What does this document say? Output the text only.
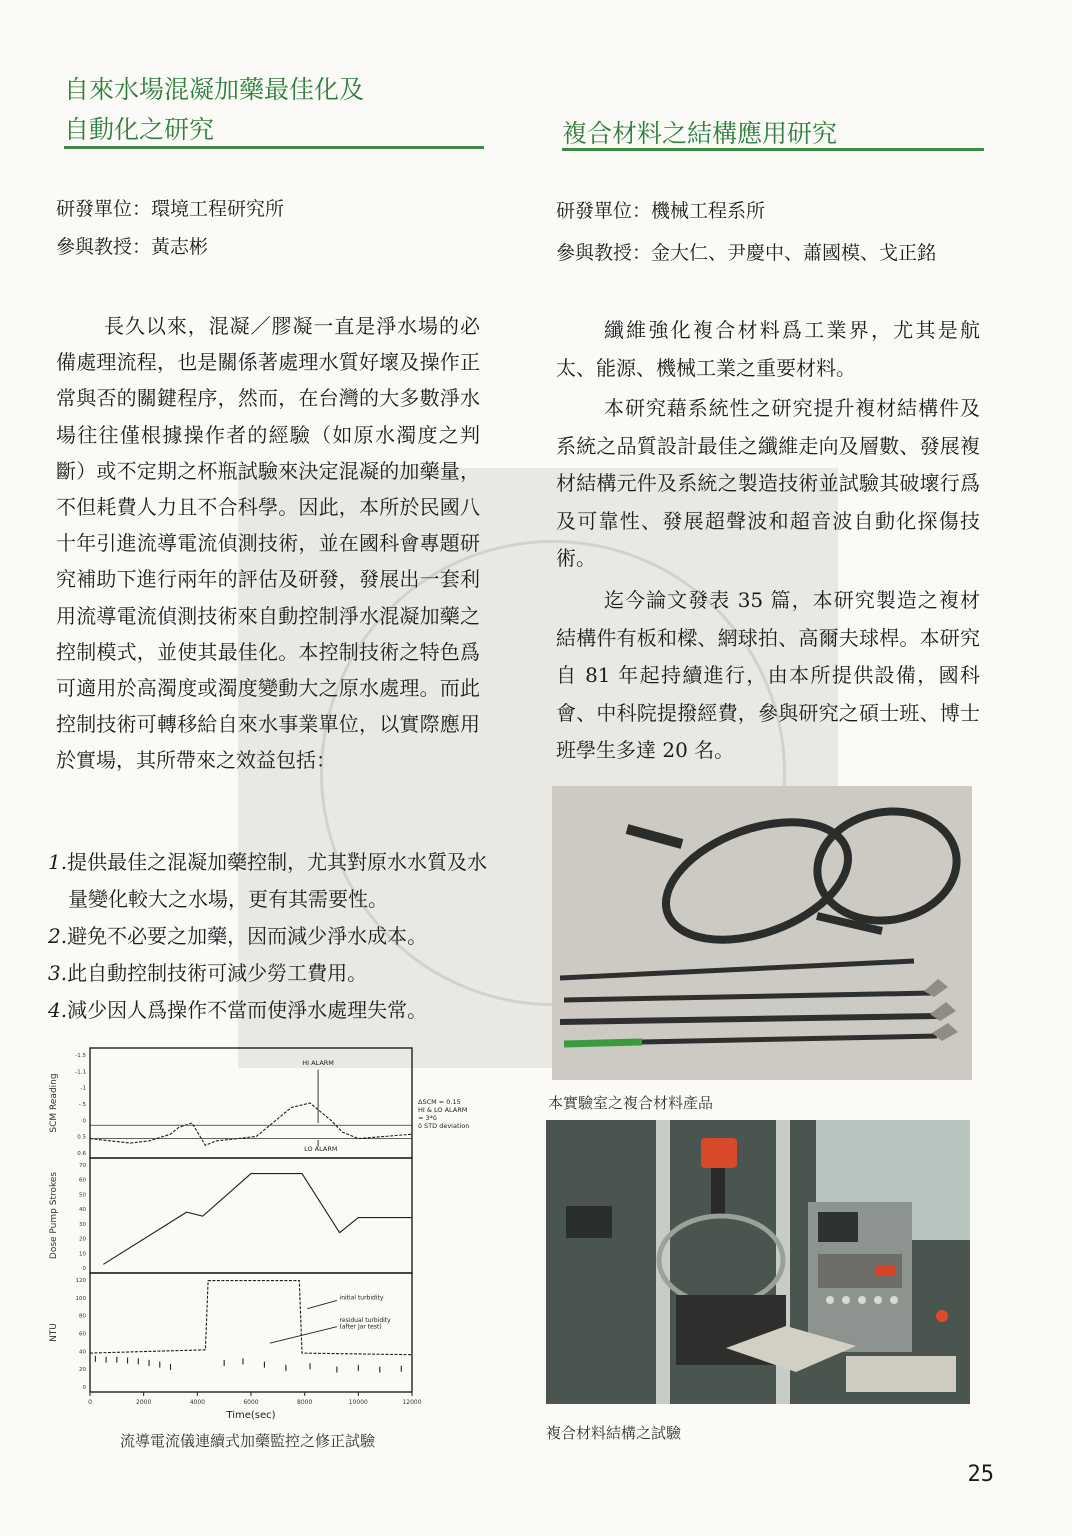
自來水場混凝加藥最佳化及
自動化之研究
研發單位：環境工程研究所
參與教授：黃志彬

長久以來，混凝／膠凝一直是淨水場的必備處理流程，也是關係著處理水質好壞及操作正常與否的關鍵程序，然而，在台灣的大多數淨水場往往僅根據操作者的經驗（如原水濁度之判斷）或不定期之杯瓶試驗來決定混凝的加藥量，不但耗費人力且不合科學。因此，本所於民國八十年引進流導電流偵測技術，並在國科會專題研究補助下進行兩年的評估及研發，發展出一套利用流導電流偵測技術來自動控制淨水混凝加藥之控制模式，並使其最佳化。本控制技術之特色爲可適用於高濁度或濁度變動大之原水處理。而此控制技術可轉移給自來水事業單位，以實際應用於實場，其所帶來之效益包括：

1.提供最佳之混凝加藥控制，尤其對原水水質及水量變化較大之水場，更有其需要性。
2.避免不必要之加藥，因而減少淨水成本。
3.此自動控制技術可減少勞工費用。
4.減少因人爲操作不當而使淨水處理失常。
SCM Reading
0.6
0.5
0
-.5
-1
-1.1
-1.5
HI ALARM
LO ALARM
ΔSCM = 0.15
HI & LO ALARM
= 3*δ
δ STD deviation
Dose Pump Strokes
0
10
20
30
40
50
60
70
NTU
0
20
40
60
80
100
120
initial turbidity
residual turbidity
(after Jar test)
0	2000	4000	6000	8000	10000	12000
Time(sec)
流導電流儀連續式加藥監控之修正試驗
複合材料之結構應用研究
研發單位：機械工程系所
參與教授：金大仁、尹慶中、蕭國模、戈正銘

纖維強化複合材料爲工業界，尤其是航太、能源、機械工業之重要材料。

本研究藉系統性之研究提升複材結構件及系統之品質設計最佳之纖維走向及層數、發展複材結構元件及系統之製造技術並試驗其破壞行爲及可靠性、發展超聲波和超音波自動化探傷技術。

迄今論文發表 35 篇，本研究製造之複材結構件有板和樑、網球拍、高爾夫球桿。本研究自 81 年起持續進行，由本所提供設備，國科會、中科院提撥經費，參與研究之碩士班、博士班學生多達 20 名。

本實驗室之複合材料產品
複合材料結構之試驗
25
